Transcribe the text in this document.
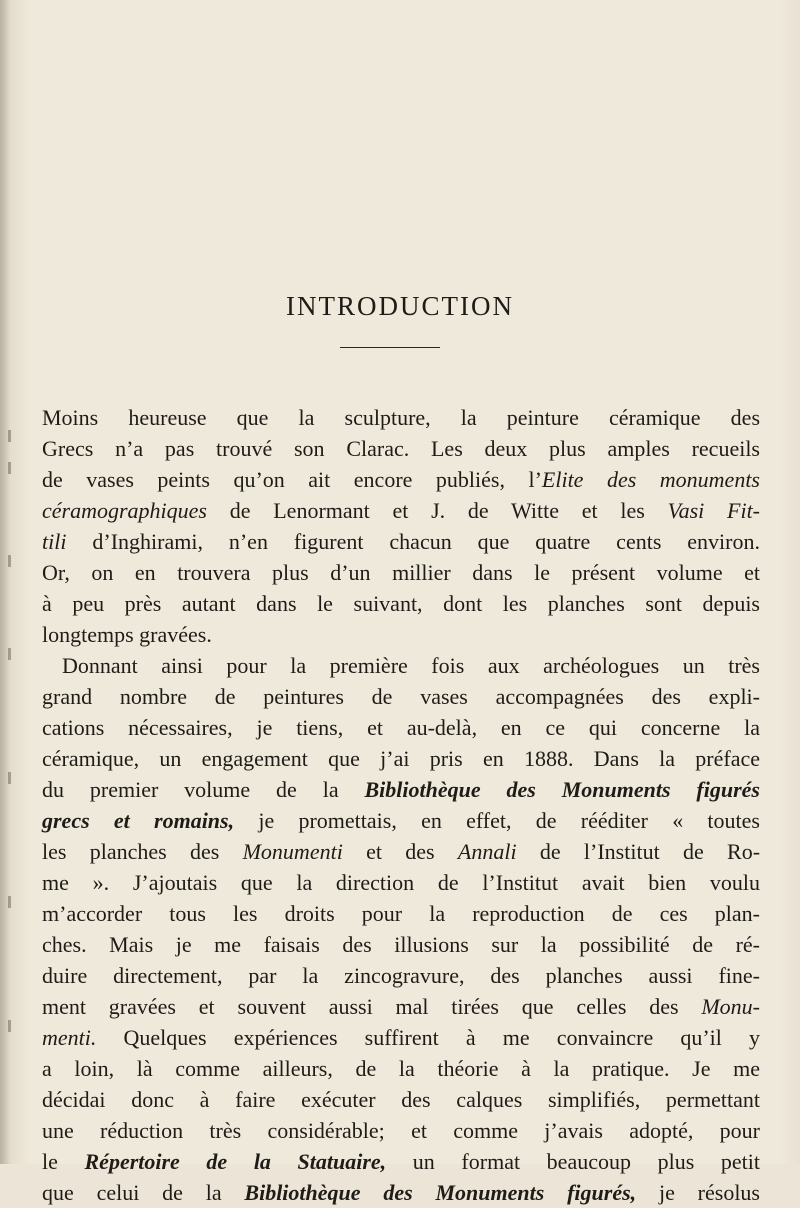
INTRODUCTION
Moins heureuse que la sculpture, la peinture céramique des
Grecs n’a pas trouvé son Clarac. Les deux plus amples recueils
de vases peints qu’on ait encore publiés, l’Elite des monuments
céramographiques de Lenormant et J. de Witte et les Vasi Fit-
tili d’Inghirami, n’en figurent chacun que quatre cents environ.
Or, on en trouvera plus d’un millier dans le présent volume et
à peu près autant dans le suivant, dont les planches sont depuis
longtemps gravées.
Donnant ainsi pour la première fois aux archéologues un très
grand nombre de peintures de vases accompagnées des expli-
cations nécessaires, je tiens, et au-delà, en ce qui concerne la
céramique, un engagement que j’ai pris en 1888. Dans la préface
du premier volume de la Bibliothèque des Monuments figurés
grecs et romains, je promettais, en effet, de rééditer « toutes
les planches des Monumenti et des Annali de l’Institut de Ro-
me ». J’ajoutais que la direction de l’Institut avait bien voulu
m’accorder tous les droits pour la reproduction de ces plan-
ches. Mais je me faisais des illusions sur la possibilité de ré-
duire directement, par la zincogravure, des planches aussi fine-
ment gravées et souvent aussi mal tirées que celles des Monu-
menti. Quelques expériences suffirent à me convaincre qu’il y
a loin, là comme ailleurs, de la théorie à la pratique. Je me
décidai donc à faire exécuter des calques simplifiés, permettant
une réduction très considérable; et comme j’avais adopté, pour
le Répertoire de la Statuaire, un format beaucoup plus petit
que celui de la Bibliothèque des Monuments figurés, je résolus
